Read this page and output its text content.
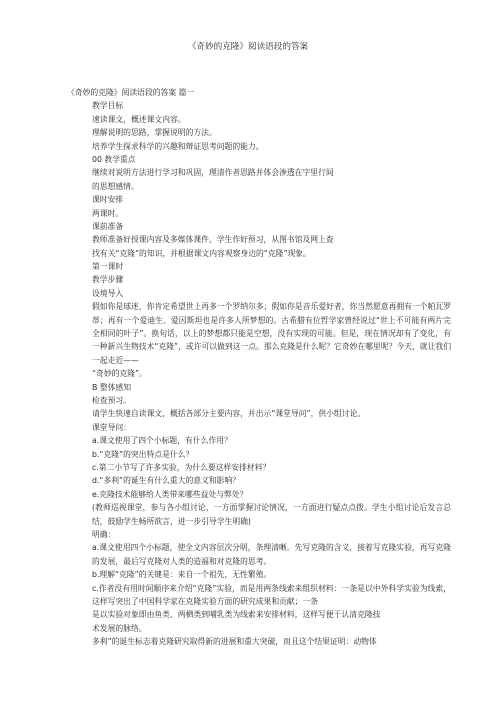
《奇妙的克隆》阅读语段的答案
《奇妙的克隆》阅读语段的答案 篇一
教学目标
速读课文，概述课文内容。
理解说明的思路，掌握说明的方法。
培养学生探求科学的兴趣和辩证思考问题的能力。
00 教学重点
继续对说明方法进行学习和巩固，理清作者思路并体会渗透在字里行间
的思想感情。
课时安排
两课时。
课前准备
教师准备好授课内容及多媒体课件，学生作好预习，从图书馆及网上查
找有关“克隆”的知识，并根据课文内容观察身边的“克隆”现象。
第一课时
教学步骤
设境导入
假如你是球迷，你肯定希望世上再多一个罗纳尔多；假如你是音乐爱好者，你当然愿意再拥有一个帕瓦罗蒂；再有一个爱迪生、爱因斯坦也是许多人所梦想的。古希腊有位哲学家曾经说过“世上不可能有两片完全相同的叶子”。换句话，以上的梦想都只能是空想，没有实现的可能。但是，现在情况却有了变化，有一种新兴生物技术“克隆”，或许可以做到这一点。那么克隆是什么呢？它奇妙在哪里呢？今天，就让我们一起走近——
“奇妙的克隆”。
B 整体感知
检查预习。
请学生快速自读课文，概括各部分主要内容，并出示“课堂导问”，供小组讨论。
课堂导问：
a.课文使用了四个小标题，有什么作用？
b.“克隆”的突出特点是什么？
c.第二小节写了许多实验，为什么要这样安排材料？
d.“多利”的诞生有什么重大的意义和影响？
e.克隆技术能够给人类带来哪些益处与弊处？
(教师巡视课堂，参与各小组讨论，一方面掌握讨论情况，一方面进行疑点点拨。学生小组讨论后发言总结，鼓励学生畅所欲言，进一步引导学生明确)
明确：
a.课文使用四个小标题，使全文内容层次分明，条理清晰。先写克隆的含义，接着写克隆实验，再写克隆的发展，最后写克隆对人类的造福和对克隆的思考。
b.理解“克隆”的关键是：来自一个祖先，无性繁殖。
c.作者没有用时间顺序来介绍“克隆”实验，而是用两条线索来组织材料：一条是以中外科学实验为线索，这样写突出了中国科学家在克隆实验方面的研究成果和贡献；一条
是以实验对象即由鱼类、两栖类到哺乳类为线索来安排材料，这样写便于认清克隆技
术发展的脉络。
多利”的诞生标志着克隆研究取得新的进展和重大突破，而且这个结果证明：动物体
